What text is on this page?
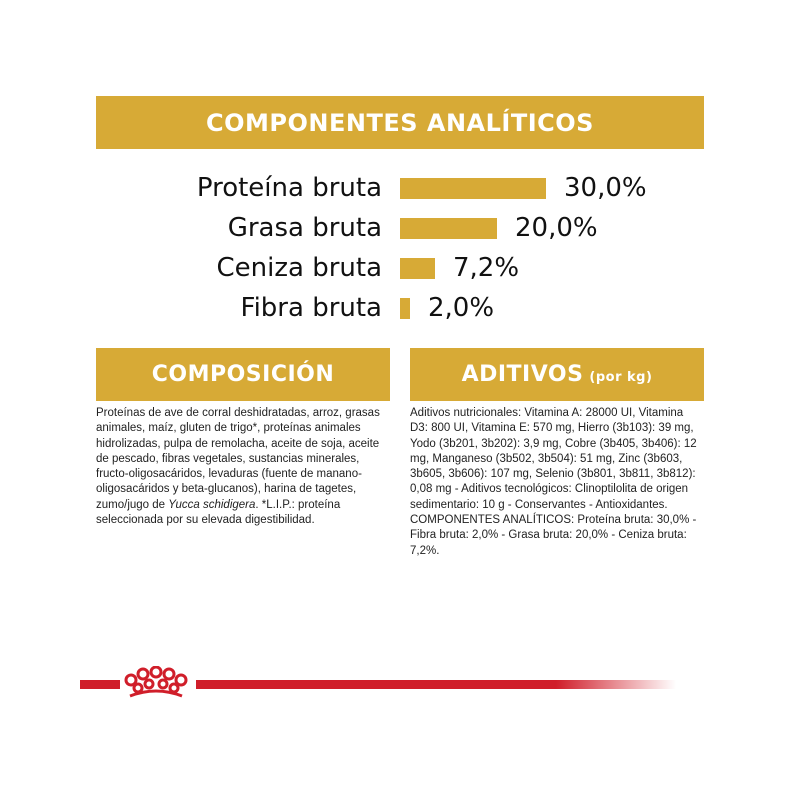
COMPONENTES ANALÍTICOS
Proteína bruta	30,0%
Grasa bruta	20,0%
Ceniza bruta	7,2%
Fibra bruta 2,0%
COMPOSICIÓN	ADITIVOS (por kg)
Proteínas de ave de corral deshidratadas, arroz, grasas animales, maíz, gluten de trigo*, proteínas animales hidrolizadas, pulpa de remolacha, aceite de soja, aceite de pescado, fibras vegetales, sustancias minerales, fructo-oligosacáridos, levaduras (fuente de manano-oligosacáridos y beta-glucanos), harina de tagetes, zumo/jugo de Yucca schidigera. *L.I.P.: proteína seleccionada por su elevada digestibilidad.
Aditivos nutricionales: Vitamina A: 28000 UI, Vitamina D3: 800 UI, Vitamina E: 570 mg, Hierro (3b103): 39 mg, Yodo (3b201, 3b202): 3,9 mg, Cobre (3b405, 3b406): 12 mg, Manganeso (3b502, 3b504): 51 mg, Zinc (3b603, 3b605, 3b606): 107 mg, Selenio (3b801, 3b811, 3b812): 0,08 mg - Aditivos tecnológicos: Clinoptilolita de origen sedimentario: 10 g - Conservantes - Antioxidantes.
COMPONENTES ANALÍTICOS: Proteína bruta: 30,0% - Fibra bruta: 2,0% - Grasa bruta: 20,0% - Ceniza bruta: 7,2%.
